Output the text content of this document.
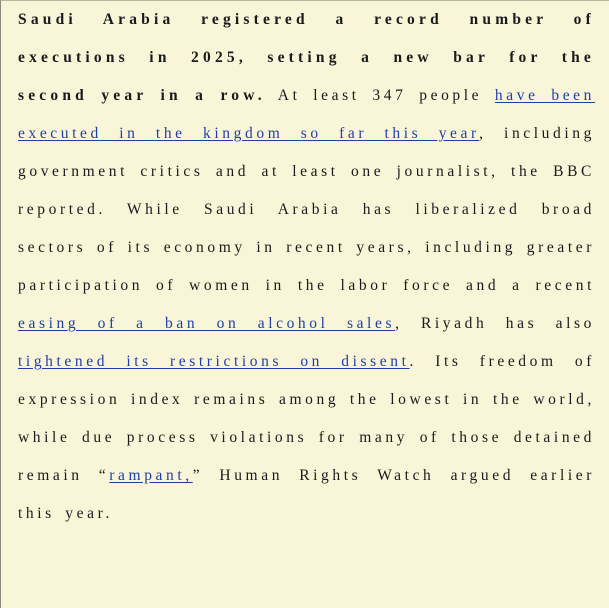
Saudi Arabia registered a record number of executions in 2025, setting a new bar for the second year in a row. At least 347 people have been executed in the kingdom so far this year, including government critics and at least one journalist, the BBC reported. While Saudi Arabia has liberalized broad sectors of its economy in recent years, including greater participation of women in the labor force and a recent easing of a ban on alcohol sales, Riyadh has also tightened its restrictions on dissent. Its freedom of expression index remains among the lowest in the world, while due process violations for many of those detained remain “rampant,” Human Rights Watch argued earlier this year.
